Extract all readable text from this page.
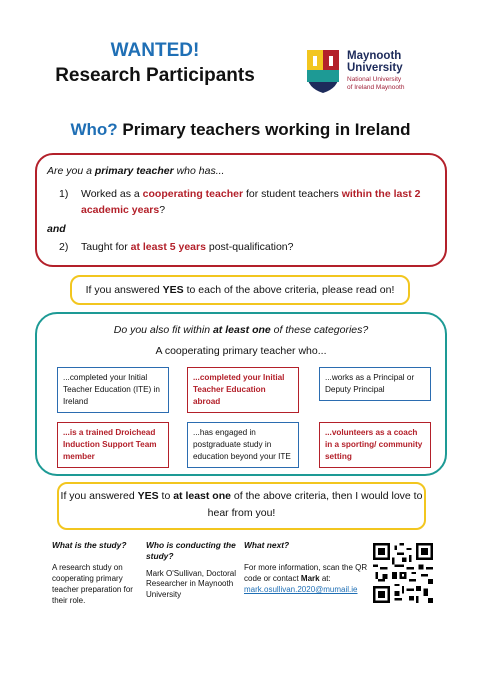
WANTED!
Research Participants
Maynooth
University
National University
of Ireland Maynooth
Who? Primary teachers working in Ireland
Are you a primary teacher who has...
1) Worked as a cooperating teacher for student teachers within the last 2
academic years?
and
2) Taught for at least 5 years post-qualification?
If you answered YES to each of the above criteria, please read on!
Do you also fit within at least one of these categories?
A cooperating primary teacher who...
...completed your Initial Teacher Education (ITE) in Ireland
...completed your Initial Teacher Education abroad
...works as a Principal or Deputy Principal
...is a trained Droichead Induction Support Team member
...has engaged in postgraduate study in education beyond your ITE
...volunteers as a coach in a sporting/ community setting
If you answered YES to at least one of the above criteria, then I would love to hear from you!
What is the study?
A research study on cooperating primary teacher preparation for their role.
Who is conducting the study?
Mark O'Sullivan, Doctoral Researcher in Maynooth University
What next?
For more information, scan the QR code or contact Mark at:
mark.osullivan.2020@mumail.ie
